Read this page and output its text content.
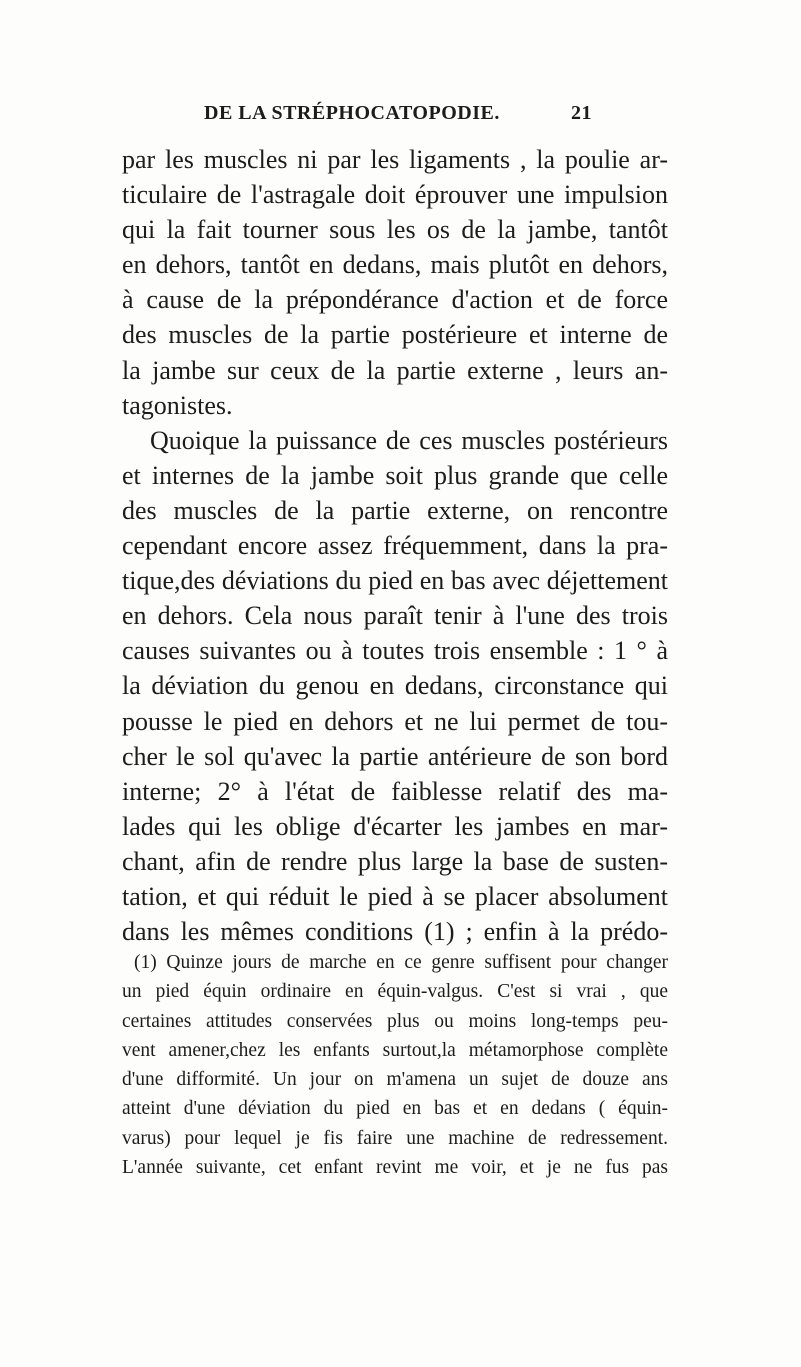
DE LA STRÉPHOCATOPODIE.	21
par les muscles ni par les ligaments , la poulie ar-
ticulaire de l'astragale doit éprouver une impulsion
qui la fait tourner sous les os de la jambe, tantôt
en dehors, tantôt en dedans, mais plutôt en dehors,
à cause de la prépondérance d'action et de force
des muscles de la partie postérieure et interne de
la jambe sur ceux de la partie externe , leurs an-
tagonistes.
Quoique la puissance de ces muscles postérieurs
et internes de la jambe soit plus grande que celle
des muscles de la partie externe, on rencontre
cependant encore assez fréquemment, dans la pra-
tique,des déviations du pied en bas avec déjettement
en dehors. Cela nous paraît tenir à l'une des trois
causes suivantes ou à toutes trois ensemble : 1 ° à
la déviation du genou en dedans, circonstance qui
pousse le pied en dehors et ne lui permet de tou-
cher le sol qu'avec la partie antérieure de son bord
interne; 2° à l'état de faiblesse relatif des ma-
lades qui les oblige d'écarter les jambes en mar-
chant, afin de rendre plus large la base de susten-
tation, et qui réduit le pied à se placer absolument
dans les mêmes conditions (1) ; enfin à la prédo-
(1) Quinze jours de marche en ce genre suffisent pour changer
un pied équin ordinaire en équin-valgus. C'est si vrai , que
certaines attitudes conservées plus ou moins long-temps peu-
vent amener,chez les enfants surtout,la métamorphose complète
d'une difformité. Un jour on m'amena un sujet de douze ans
atteint d'une déviation du pied en bas et en dedans ( équin-
varus) pour lequel je fis faire une machine de redressement.
L'année suivante, cet enfant revint me voir, et je ne fus pas
